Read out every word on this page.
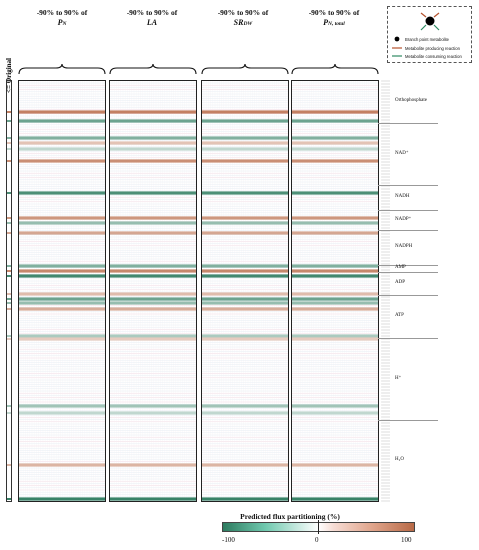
<= Original
-90% to 90% of
PN
-90% to 90% of
LA
-90% to 90% of
SRDW
-90% to 90% of
PN, total
Orthophosphate
NAD⁺
NADH
NADP⁺
NADPH
AMP
ADP
ATP
H⁺
H₂O
Branch point metabolite
Metabolite producing reaction
Metabolite consuming reaction
Predicted flux partitioning (%)
-100	0	100
